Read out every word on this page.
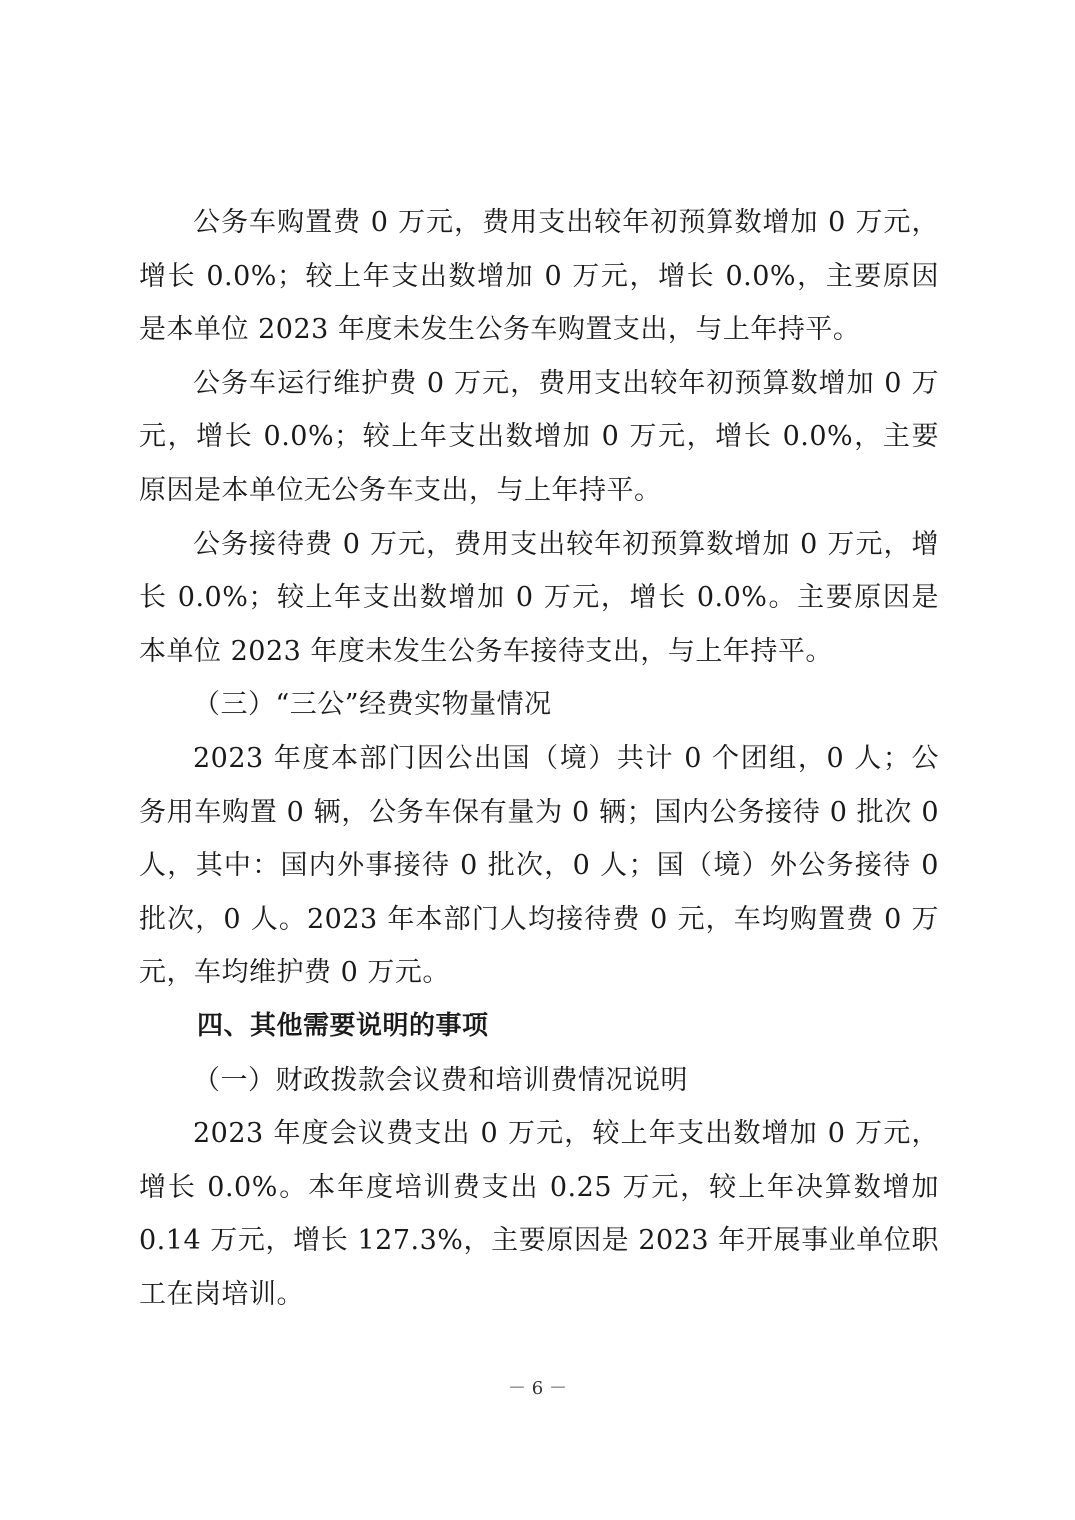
公务车购置费 0 万元，费用支出较年初预算数增加 0 万元，增长 0.0%；较上年支出数增加 0 万元，增长 0.0%，主要原因是本单位 2023 年度未发生公务车购置支出，与上年持平。

公务车运行维护费 0 万元，费用支出较年初预算数增加 0 万元，增长 0.0%；较上年支出数增加 0 万元，增长 0.0%，主要原因是本单位无公务车支出，与上年持平。

公务接待费 0 万元，费用支出较年初预算数增加 0 万元，增长 0.0%；较上年支出数增加 0 万元，增长 0.0%。主要原因是本单位 2023 年度未发生公务车接待支出，与上年持平。

（三）“三公”经费实物量情况

2023 年度本部门因公出国（境）共计 0 个团组，0 人；公务用车购置 0 辆，公务车保有量为 0 辆；国内公务接待 0 批次 0 人，其中：国内外事接待 0 批次，0 人；国（境）外公务接待 0 批次，0 人。2023 年本部门人均接待费 0 元，车均购置费 0 万元，车均维护费 0 万元。

四、其他需要说明的事项

（一）财政拨款会议费和培训费情况说明

2023 年度会议费支出 0 万元，较上年支出数增加 0 万元，增长 0.0%。本年度培训费支出 0.25 万元，较上年决算数增加 0.14 万元，增长 127.3%，主要原因是 2023 年开展事业单位职工在岗培训。

－ 6 －
